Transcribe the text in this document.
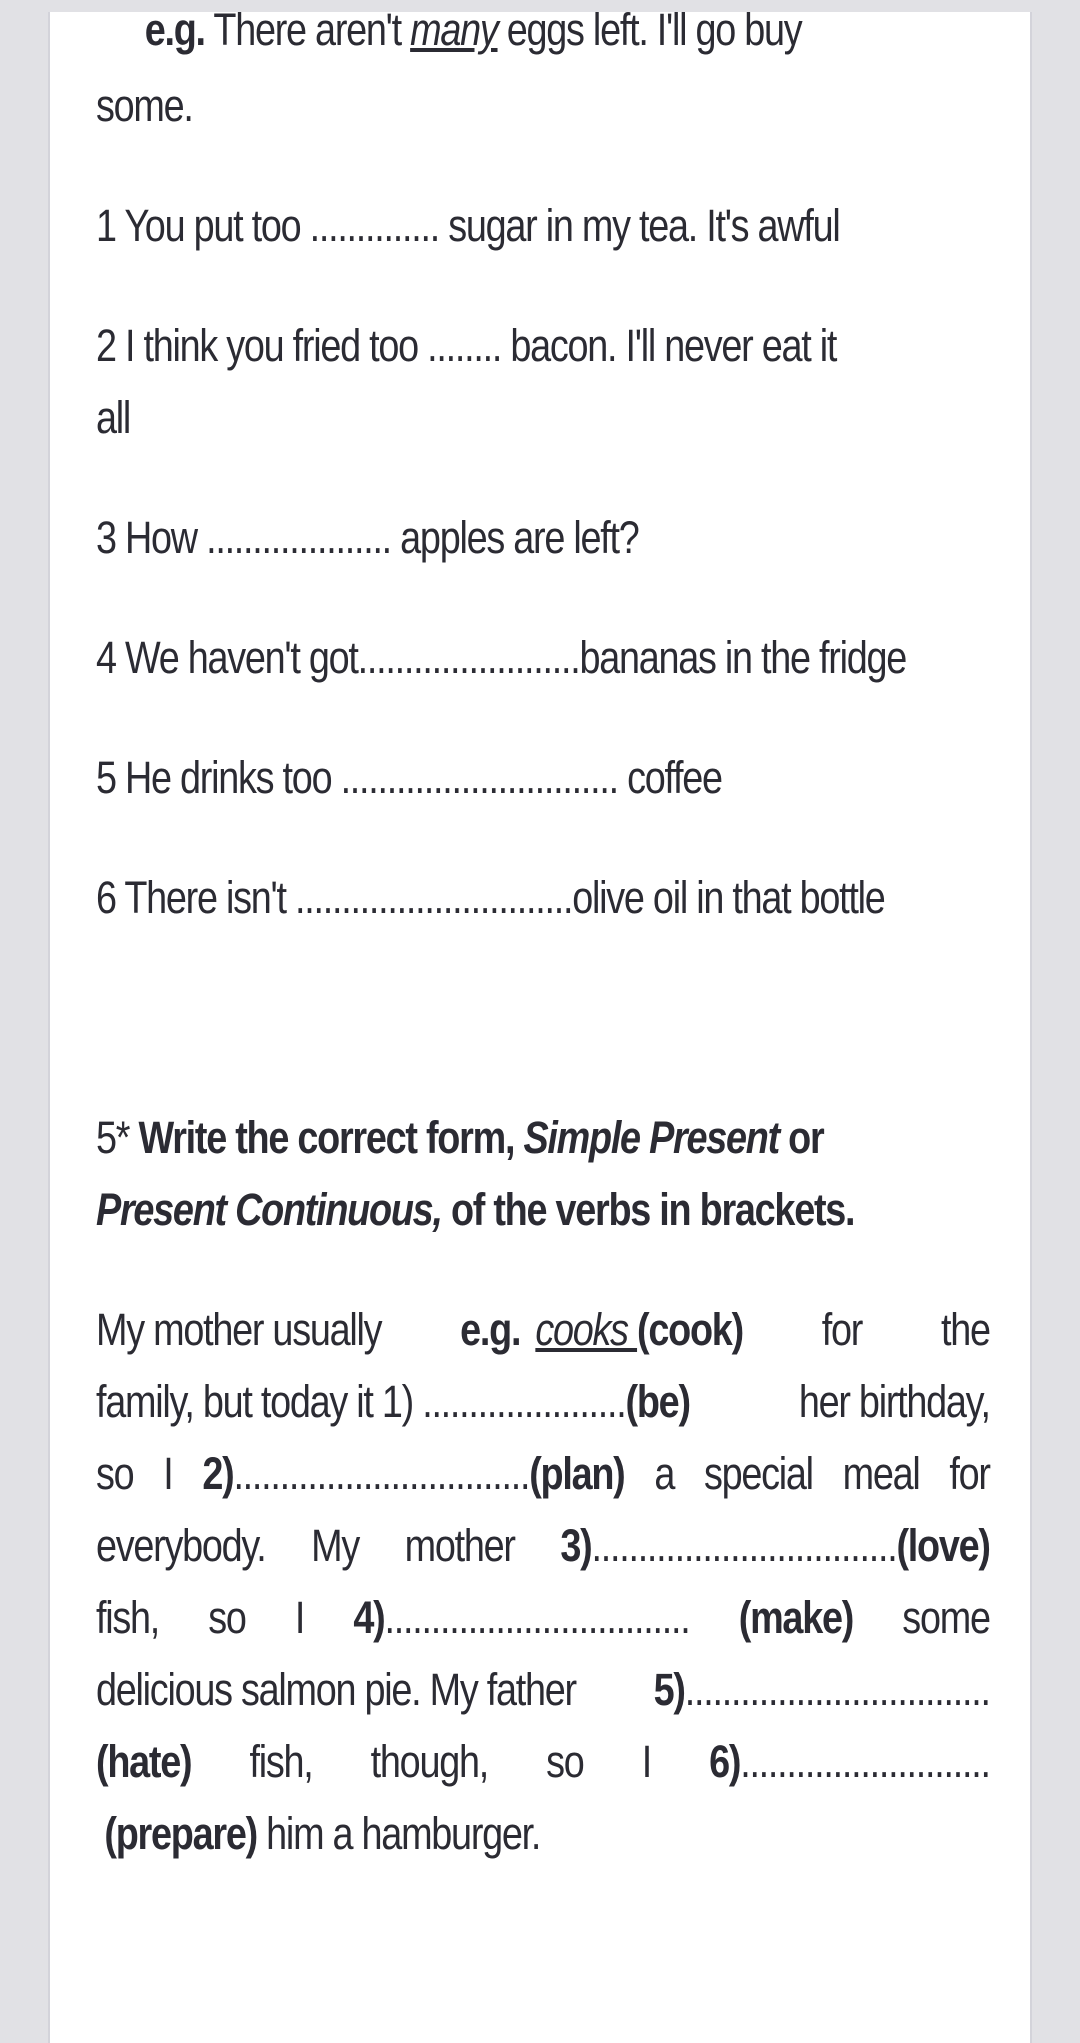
e.g. There aren't many eggs left. I'll go buy
some.
1 You put too .............. sugar in my tea. It's awful
2 I think you fried too ........ bacon. I'll never eat it
all
3 How .................... apples are left?
4 We haven't got........................bananas in the fridge
5 He drinks too .............................. coffee
6 There isn't ..............................olive oil in that bottle
5* Write the correct form, Simple Present or
Present Continuous, of the verbs in brackets.
My mother usually e.g. cooks (cook) for the
family, but today it 1) ......................(be) her birthday,
so I 2)................................(plan) a special meal for
everybody. My mother 3).................................(love)
fish, so I 4)................................. (make) some
delicious salmon pie. My father 5).................................
(hate) fish, though, so I 6)...........................
(prepare) him a hamburger.
